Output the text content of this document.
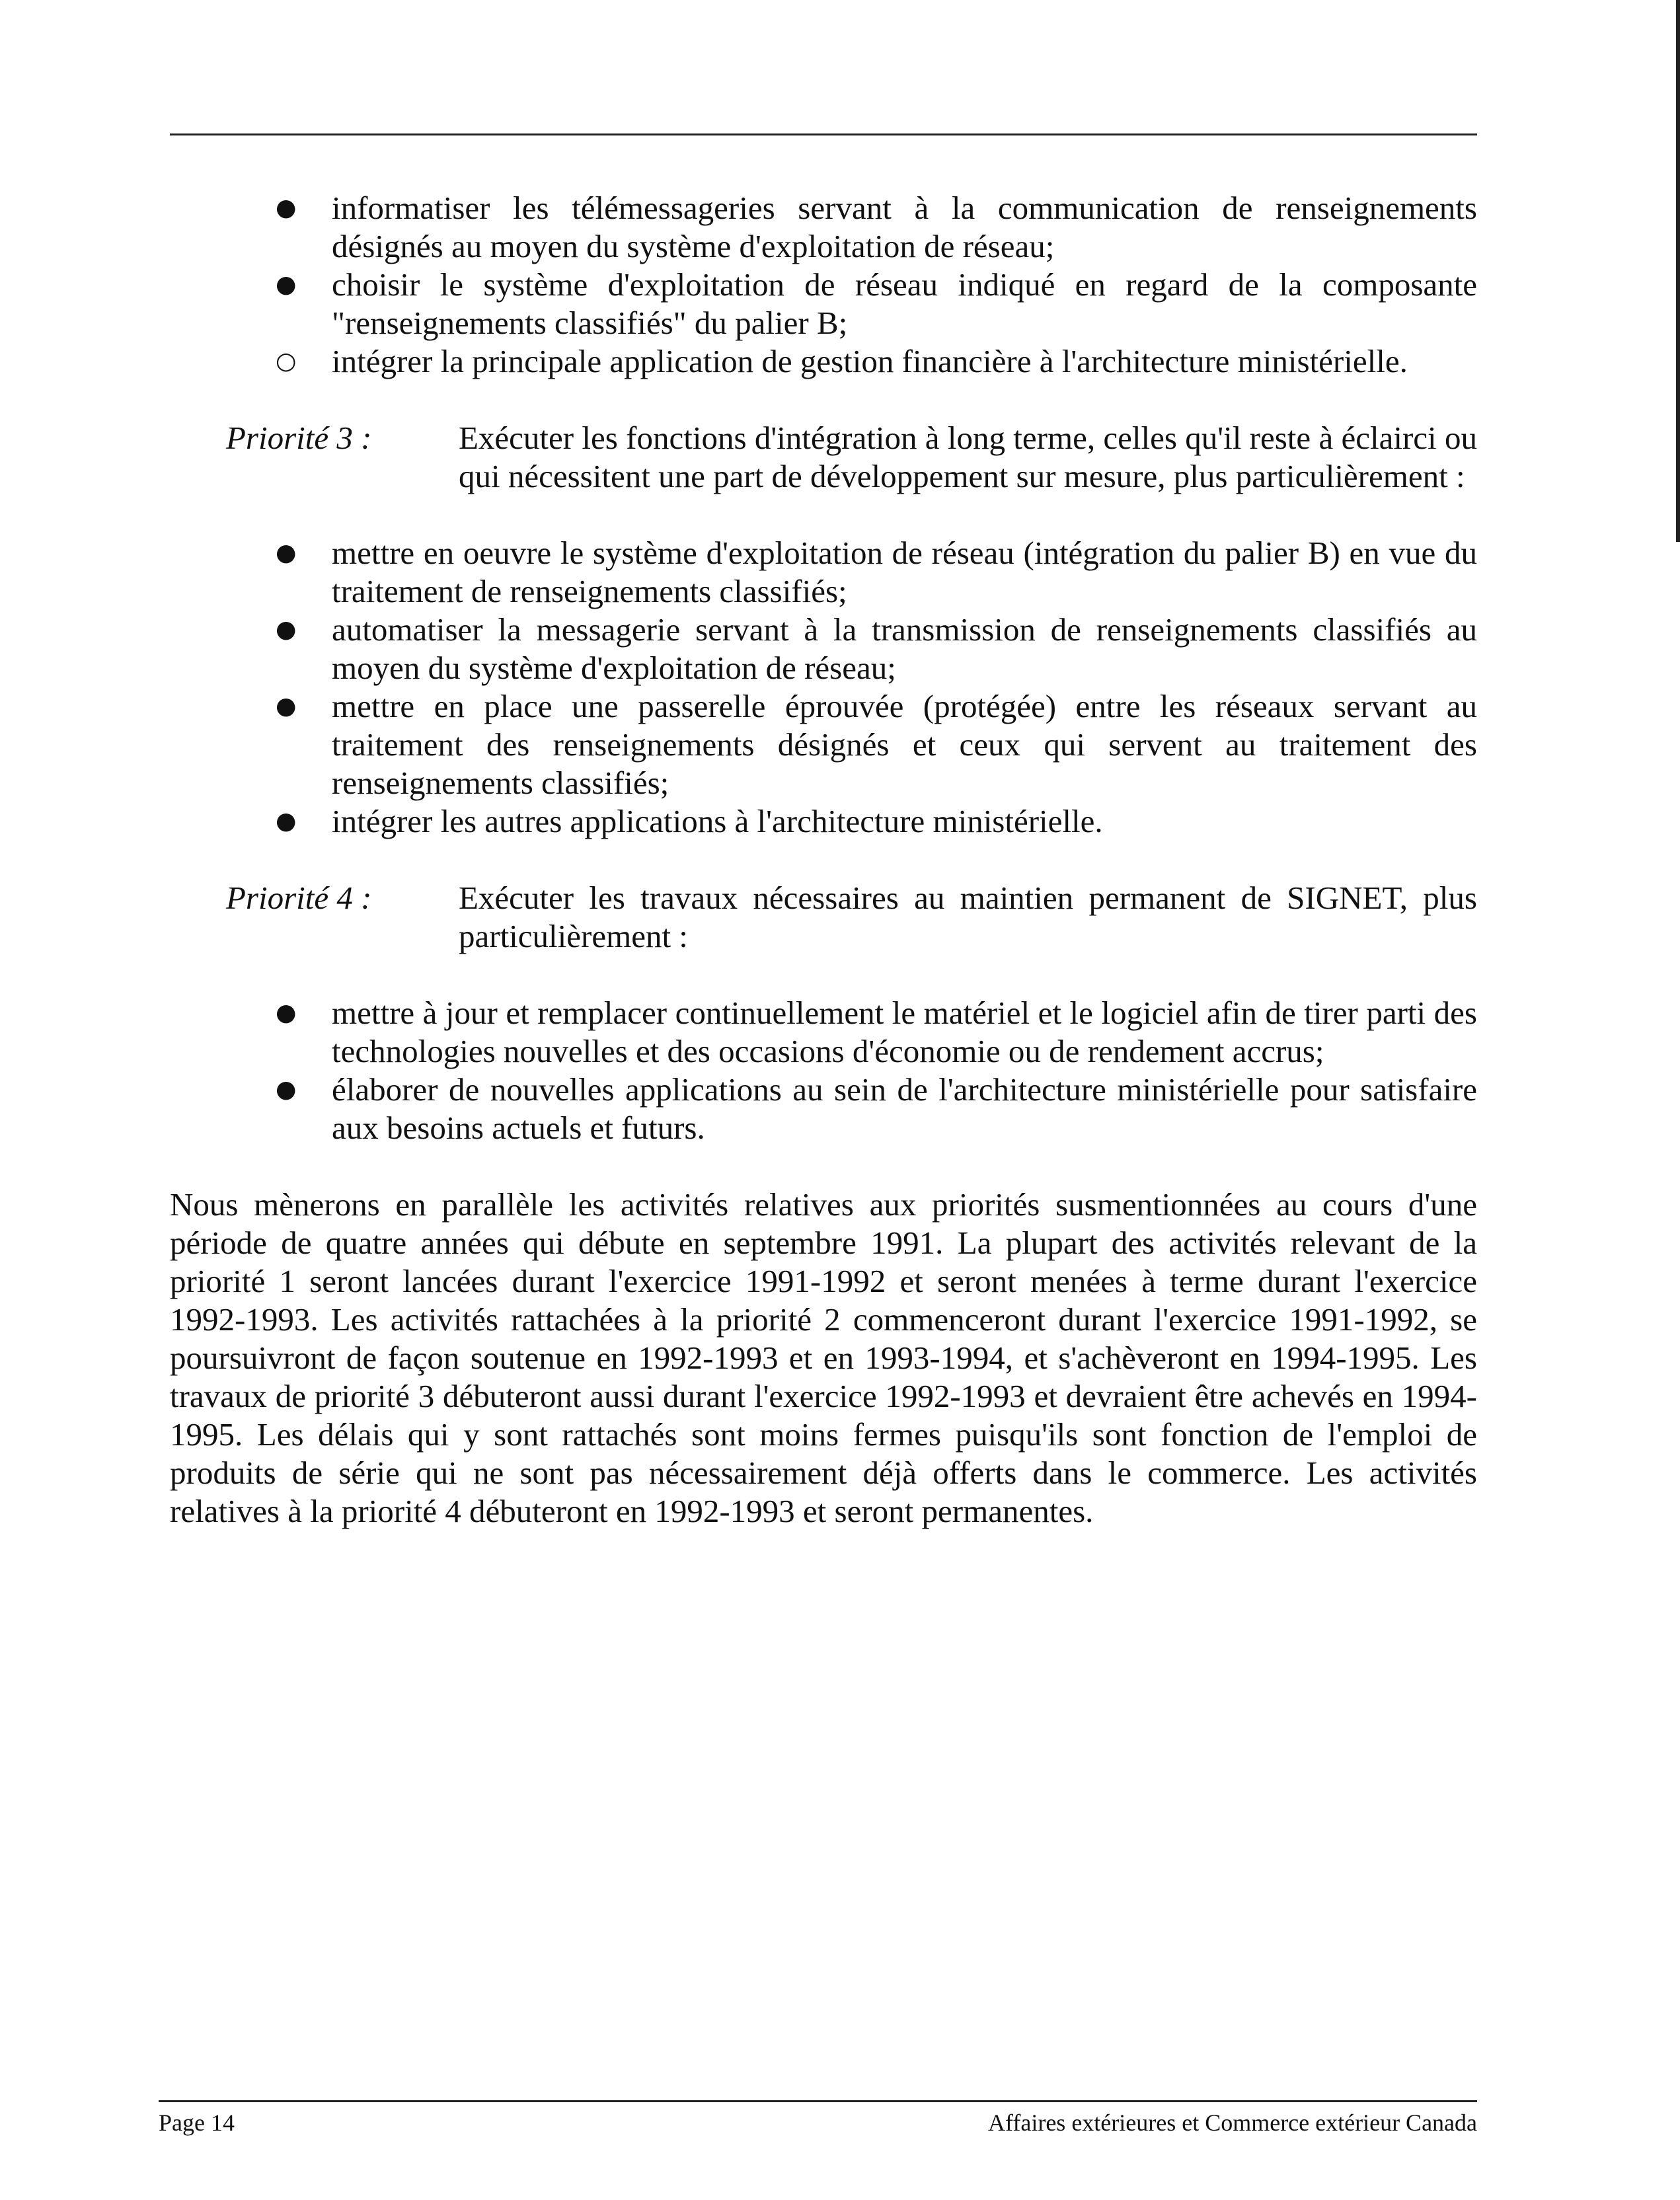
● informatiser les télémessageries servant à la communication de renseignements désignés au moyen du système d'exploitation de réseau;
● choisir le système d'exploitation de réseau indiqué en regard de la composante "renseignements classifiés" du palier B;
○ intégrer la principale application de gestion financière à l'architecture ministérielle.
Priorité 3 :	Exécuter les fonctions d'intégration à long terme, celles qu'il reste à éclairci ou qui nécessitent une part de développement sur mesure, plus particulièrement :
● mettre en oeuvre le système d'exploitation de réseau (intégration du palier B) en vue du traitement de renseignements classifiés;
● automatiser la messagerie servant à la transmission de renseignements classifiés au moyen du système d'exploitation de réseau;
● mettre en place une passerelle éprouvée (protégée) entre les réseaux servant au traitement des renseignements désignés et ceux qui servent au traitement des renseignements classifiés;
● intégrer les autres applications à l'architecture ministérielle.
Priorité 4 :	Exécuter les travaux nécessaires au maintien permanent de SIGNET, plus particulièrement :
● mettre à jour et remplacer continuellement le matériel et le logiciel afin de tirer parti des technologies nouvelles et des occasions d'économie ou de rendement accrus;
● élaborer de nouvelles applications au sein de l'architecture ministérielle pour satisfaire aux besoins actuels et futurs.

Nous mènerons en parallèle les activités relatives aux priorités susmentionnées au cours d'une période de quatre années qui débute en septembre 1991. La plupart des activités relevant de la priorité 1 seront lancées durant l'exercice 1991-1992 et seront menées à terme durant l'exercice 1992-1993. Les activités rattachées à la priorité 2 commenceront durant l'exercice 1991-1992, se poursuivront de façon soutenue en 1992-1993 et en 1993-1994, et s'achèveront en 1994-1995. Les travaux de priorité 3 débuteront aussi durant l'exercice 1992-1993 et devraient être achevés en 1994-1995. Les délais qui y sont rattachés sont moins fermes puisqu'ils sont fonction de l'emploi de produits de série qui ne sont pas nécessairement déjà offerts dans le commerce. Les activités relatives à la priorité 4 débuteront en 1992-1993 et seront permanentes.

Page 14	Affaires extérieures et Commerce extérieur Canada
